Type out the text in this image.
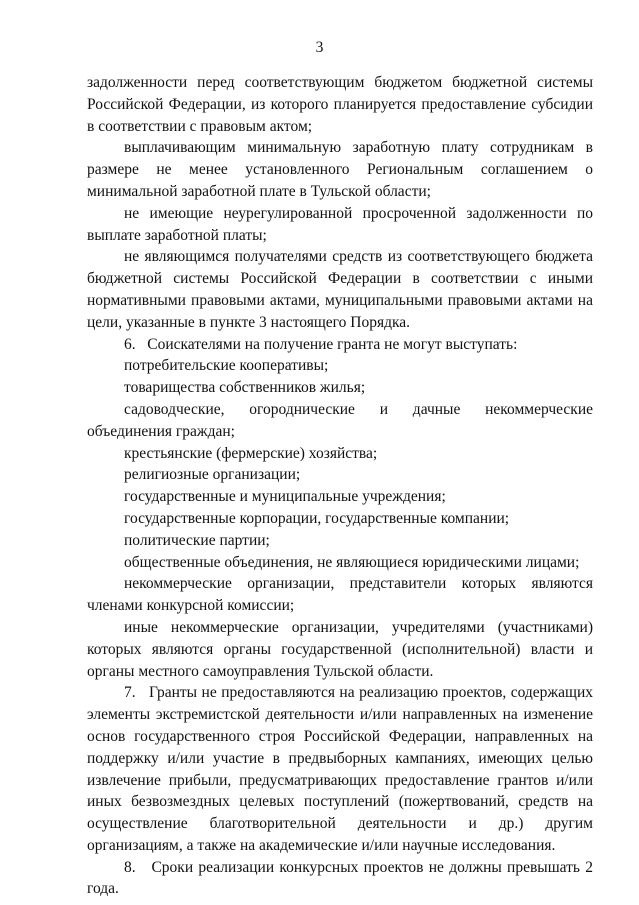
3

задолженности перед соответствующим бюджетом бюджетной системы Российской Федерации, из которого планируется предоставление субсидии в соответствии с правовым актом;

выплачивающим минимальную заработную плату сотрудникам в размере не менее установленного Региональным соглашением о минимальной заработной плате в Тульской области;

не имеющие неурегулированной просроченной задолженности по выплате заработной платы;

не являющимся получателями средств из соответствующего бюджета бюджетной системы Российской Федерации в соответствии с иными нормативными правовыми актами, муниципальными правовыми актами на цели, указанные в пункте 3 настоящего Порядка.

6.   Соискателями на получение гранта не могут выступать:

потребительские кооперативы;

товарищества собственников жилья;

садоводческие, огороднические и дачные некоммерческие объединения граждан;

крестьянские (фермерские) хозяйства;

религиозные организации;

государственные и муниципальные учреждения;

государственные корпорации, государственные компании;

политические партии;

общественные объединения, не являющиеся юридическими лицами;

некоммерческие организации, представители которых являются членами конкурсной комиссии;

иные некоммерческие организации, учредителями (участниками) которых являются органы государственной (исполнительной) власти и органы местного самоуправления Тульской области.

7.   Гранты не предоставляются на реализацию проектов, содержащих элементы экстремистской деятельности и/или направленных на изменение основ государственного строя Российской Федерации, направленных на поддержку и/или участие в предвыборных кампаниях, имеющих целью извлечение прибыли, предусматривающих предоставление грантов и/или иных безвозмездных целевых поступлений (пожертвований, средств на осуществление благотворительной деятельности и др.) другим организациям, а также на академические и/или научные исследования.

8.   Сроки реализации конкурсных проектов не должны превышать 2 года.
